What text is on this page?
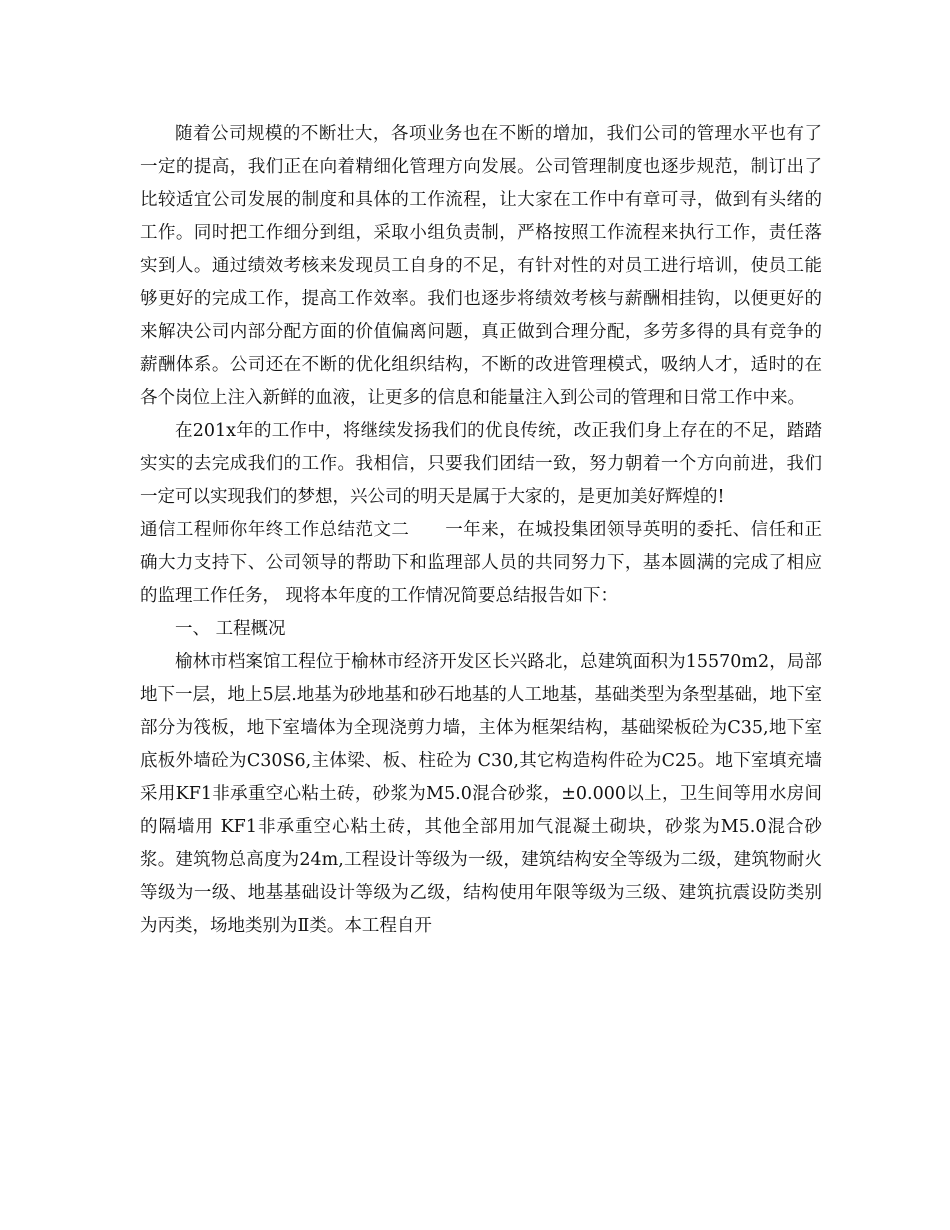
随着公司规模的不断壮大，各项业务也在不断的增加，我们公司的管理水平也有了一定的提高，我们正在向着精细化管理方向发展。公司管理制度也逐步规范，制订出了比较适宜公司发展的制度和具体的工作流程，让大家在工作中有章可寻，做到有头绪的工作。同时把工作细分到组，采取小组负责制，严格按照工作流程来执行工作，责任落实到人。通过绩效考核来发现员工自身的不足，有针对性的对员工进行培训，使员工能够更好的完成工作，提高工作效率。我们也逐步将绩效考核与薪酬相挂钩，以便更好的来解决公司内部分配方面的价值偏离问题，真正做到合理分配，多劳多得的具有竞争的薪酬体系。公司还在不断的优化组织结构，不断的改进管理模式，吸纳人才，适时的在各个岗位上注入新鲜的血液，让更多的信息和能量注入到公司的管理和日常工作中来。

在201x年的工作中，将继续发扬我们的优良传统，改正我们身上存在的不足，踏踏实实的去完成我们的工作。我相信，只要我们团结一致，努力朝着一个方向前进，我们一定可以实现我们的梦想，兴公司的明天是属于大家的，是更加美好辉煌的!

通信工程师你年终工作总结范文二　　一年来，在城投集团领导英明的委托、信任和正确大力支持下、公司领导的帮助下和监理部人员的共同努力下，基本圆满的完成了相应的监理工作任务， 现将本年度的工作情况简要总结报告如下：

一、 工程概况

榆林市档案馆工程位于榆林市经济开发区长兴路北，总建筑面积为15570m2，局部地下一层，地上5层.地基为砂地基和砂石地基的人工地基，基础类型为条型基础，地下室部分为筏板，地下室墙体为全现浇剪力墙，主体为框架结构，基础梁板砼为C35,地下室底板外墙砼为C30S6,主体梁、板、柱砼为 C30,其它构造构件砼为C25。地下室填充墙采用KF1非承重空心粘土砖，砂浆为M5.0混合砂浆，±0.000以上，卫生间等用水房间的隔墙用 KF1非承重空心粘土砖，其他全部用加气混凝土砌块，砂浆为M5.0混合砂浆。建筑物总高度为24m,工程设计等级为一级，建筑结构安全等级为二级，建筑物耐火等级为一级、地基基础设计等级为乙级，结构使用年限等级为三级、建筑抗震设防类别为丙类，场地类别为Ⅱ类。本工程自开
